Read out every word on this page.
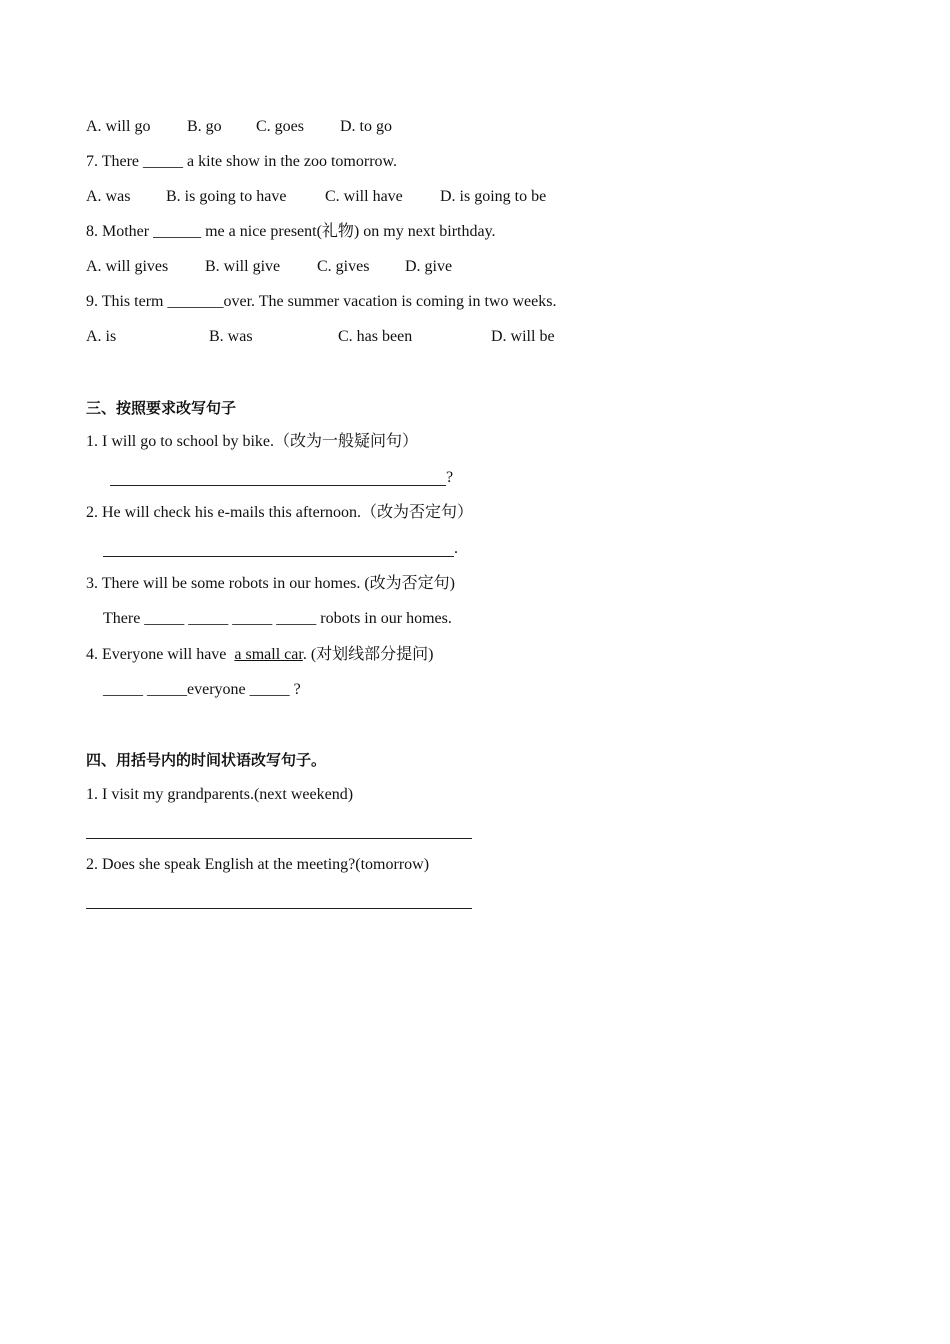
A. will go B. go C. goes D. to go
7. There _____ a kite show in the zoo tomorrow.
A. was B. is going to have C. will have D. is going to be
8. Mother ______ me a nice present(礼物) on my next birthday.
A. will gives B. will give C. gives D. give
9. This term _______over. The summer vacation is coming in two weeks.
A. is	B. was	C. has been	D. will be
三、按照要求改写句子
1. I will go to school by bike.（改为一般疑问句）
?
2. He will check his e-mails this afternoon.（改为否定句）
.
3. There will be some robots in our homes. (改为否定句)
There _____ _____ _____ _____ robots in our homes.
4. Everyone will have  a small car. (对划线部分提问)
_____ _____everyone _____ ?
四、用括号内的时间状语改写句子。
1. I visit my grandparents.(next weekend)
2. Does she speak English at the meeting?(tomorrow)
